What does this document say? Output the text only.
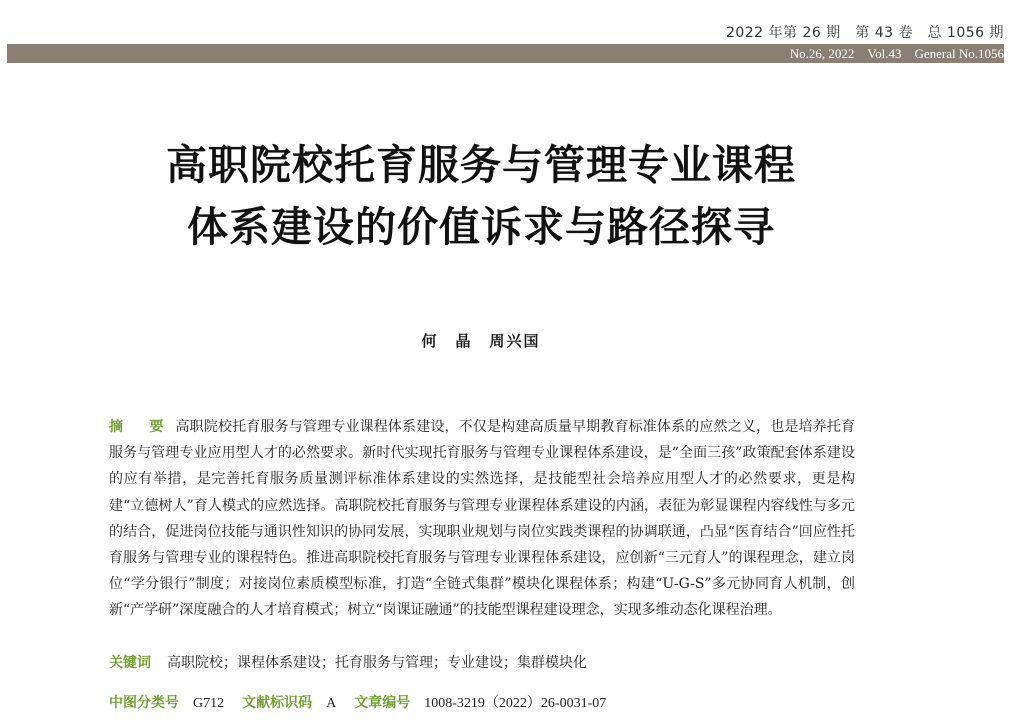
2022 年第 26 期　第 43 卷　总 1056 期
No.26, 2022　Vol.43　General No.1056
高职院校托育服务与管理专业课程
体系建设的价值诉求与路径探寻
何　晶　周兴国
摘　要 高职院校托育服务与管理专业课程体系建设，不仅是构建高质量早期教育标准体系的应然之义，也是培养托育服务与管理专业应用型人才的必然要求。新时代实现托育服务与管理专业课程体系建设，是“全面三孩”政策配套体系建设的应有举措，是完善托育服务质量测评标准体系建设的实然选择，是技能型社会培养应用型人才的必然要求，更是构建“立德树人”育人模式的应然选择。高职院校托育服务与管理专业课程体系建设的内涵，表征为彰显课程内容线性与多元的结合，促进岗位技能与通识性知识的协同发展，实现职业规划与岗位实践类课程的协调联通，凸显“医育结合”回应性托育服务与管理专业的课程特色。推进高职院校托育服务与管理专业课程体系建设，应创新“三元育人”的课程理念，建立岗位“学分银行”制度；对接岗位素质模型标准，打造“全链式集群”模块化课程体系；构建“U-G-S”多元协同育人机制，创新“产学研”深度融合的人才培育模式；树立“岗课证融通”的技能型课程建设理念，实现多维动态化课程治理。
关键词 高职院校；课程体系建设；托育服务与管理；专业建设；集群模块化
中图分类号 G712 文献标识码 A 文章编号 1008-3219（2022）26-0031-07
